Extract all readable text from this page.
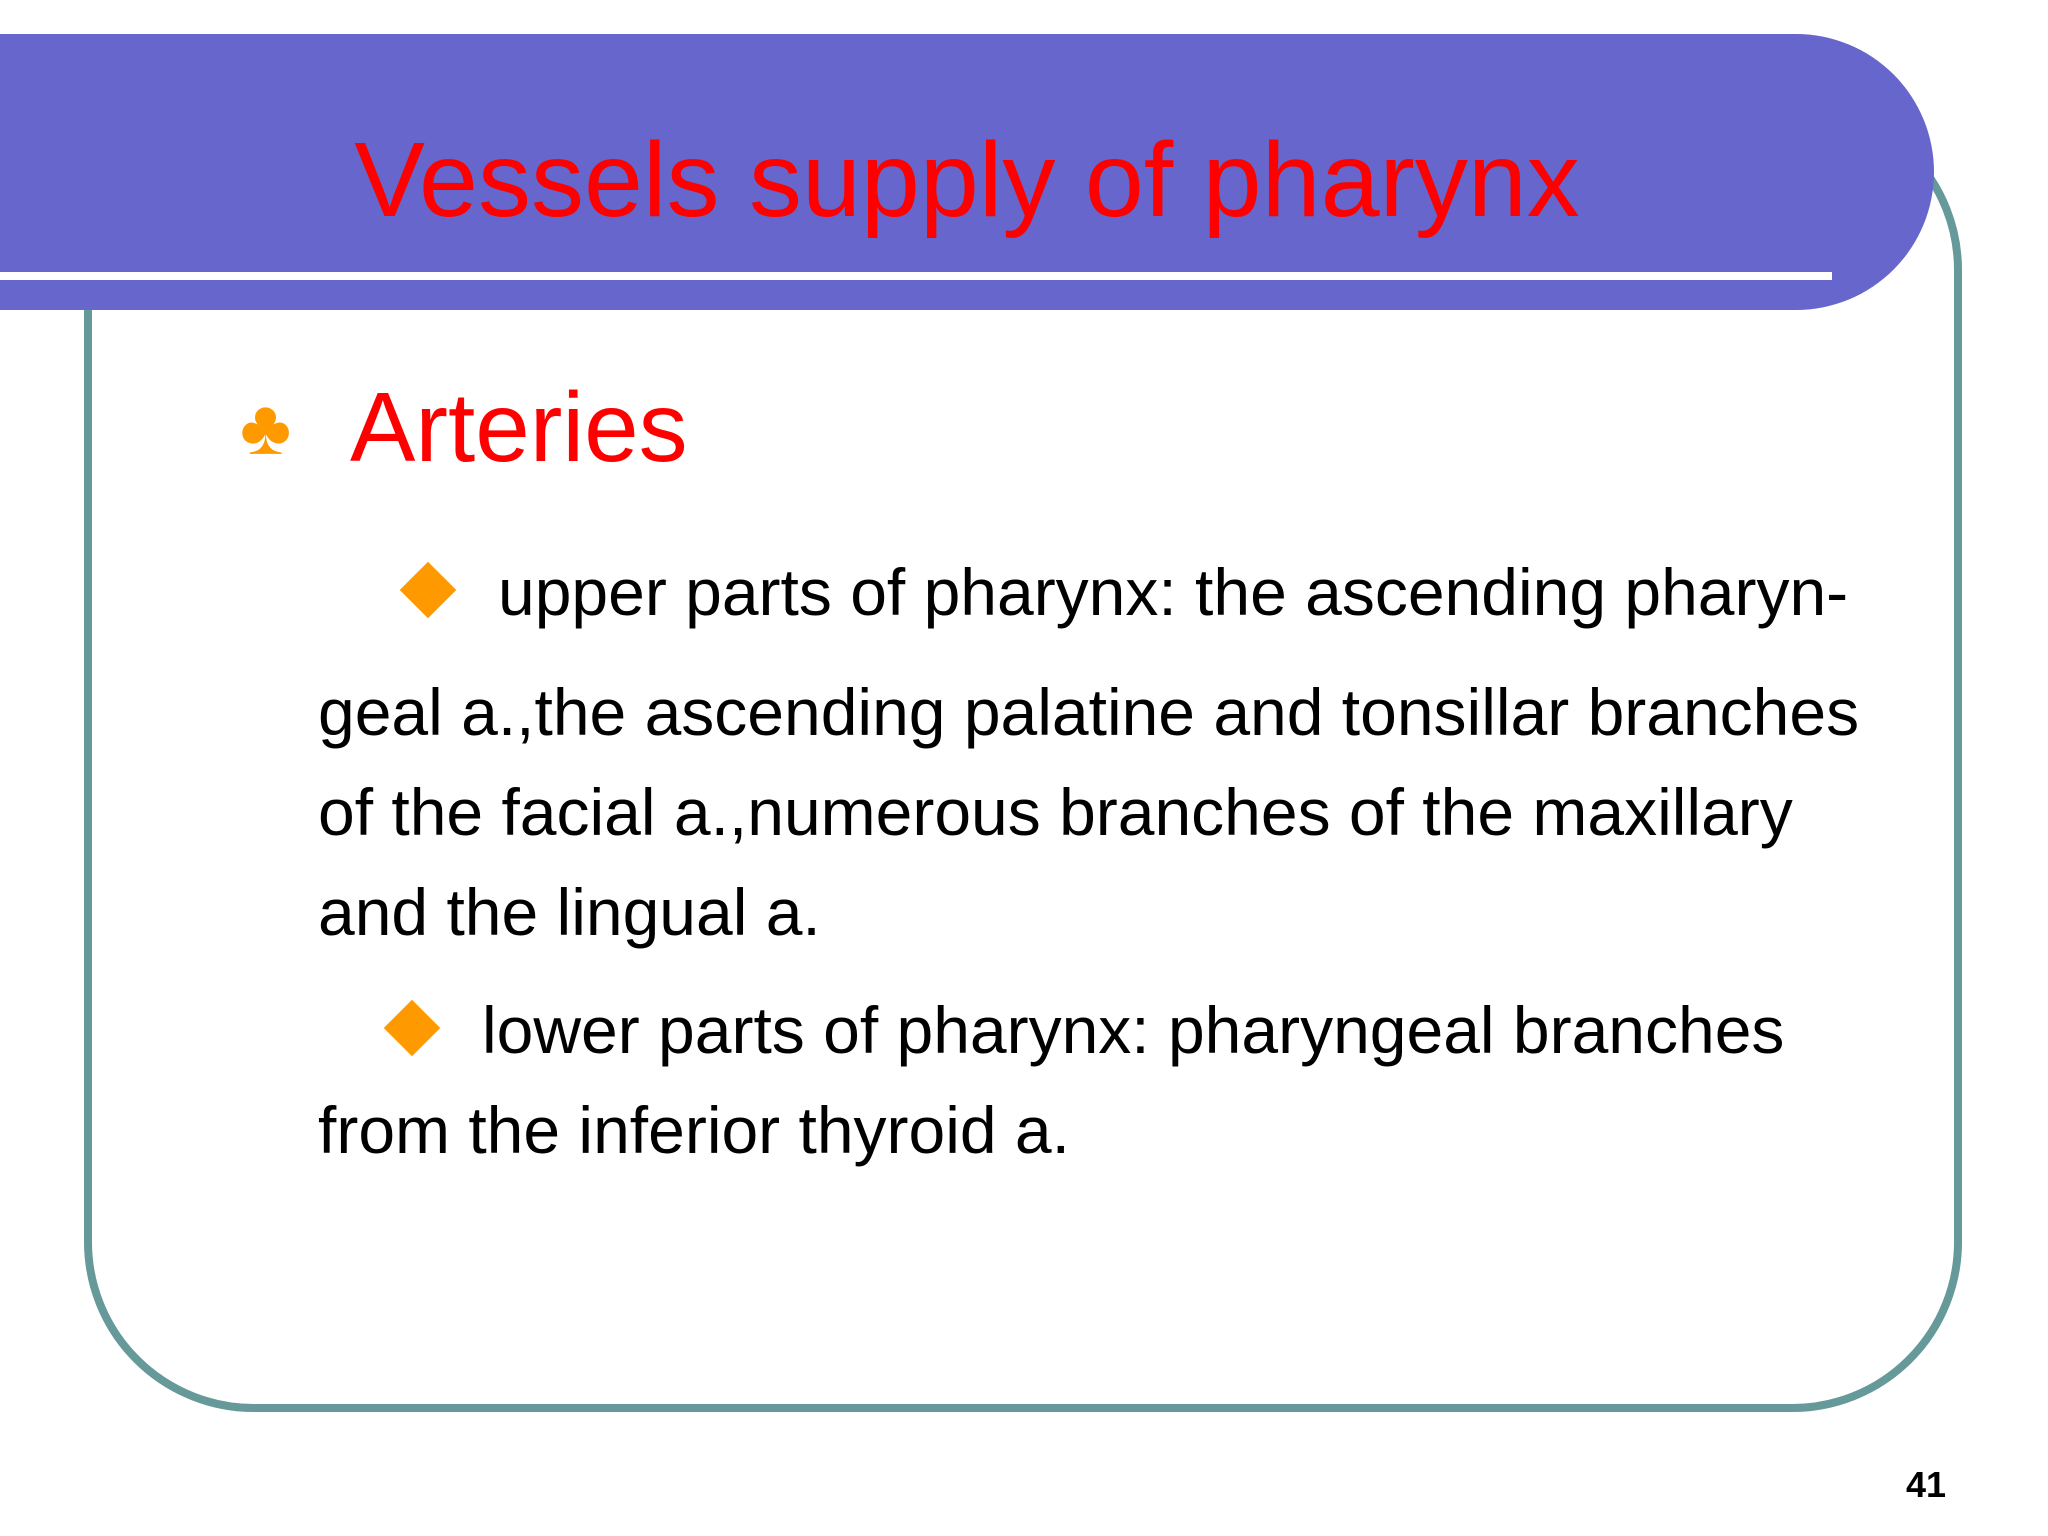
Vessels supply of pharynx
♣ Arteries
upper parts of pharynx: the ascending pharyn-
geal a.,the ascending palatine and tonsillar branches
of the facial a.,numerous branches of the maxillary
and the lingual a.
lower parts of pharynx: pharyngeal branches
from the inferior thyroid a.

41
